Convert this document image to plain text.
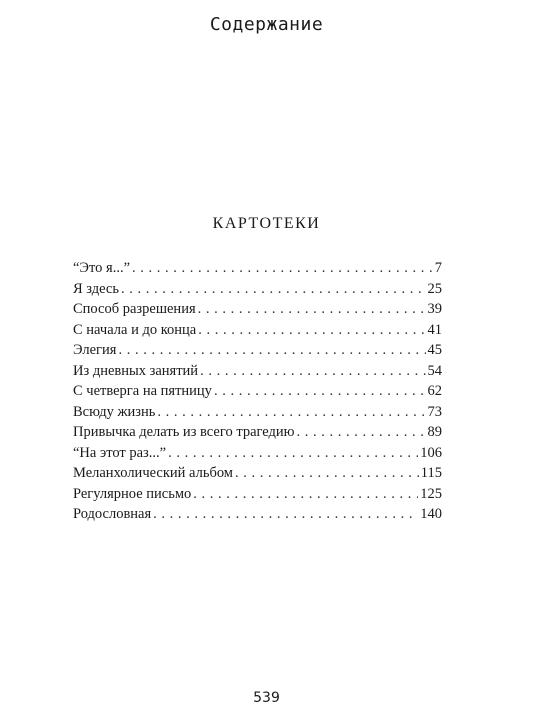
Содержание
КАРТОТЕКИ
“Это я...” . . .	7
Я здесь . . .	25
Способ разрешения . . .	39
С начала и до конца . . .	41
Элегия . . .	45
Из дневных занятий . . .	54
С четверга на пятницу . . .	62
Всюду жизнь . . .	73
Привычка делать из всего трагедию . . .	89
“На этот раз...” . . .	106
Меланхолический альбом . . .	115
Регулярное письмо . . .	125
Родословная . . .	140
539
